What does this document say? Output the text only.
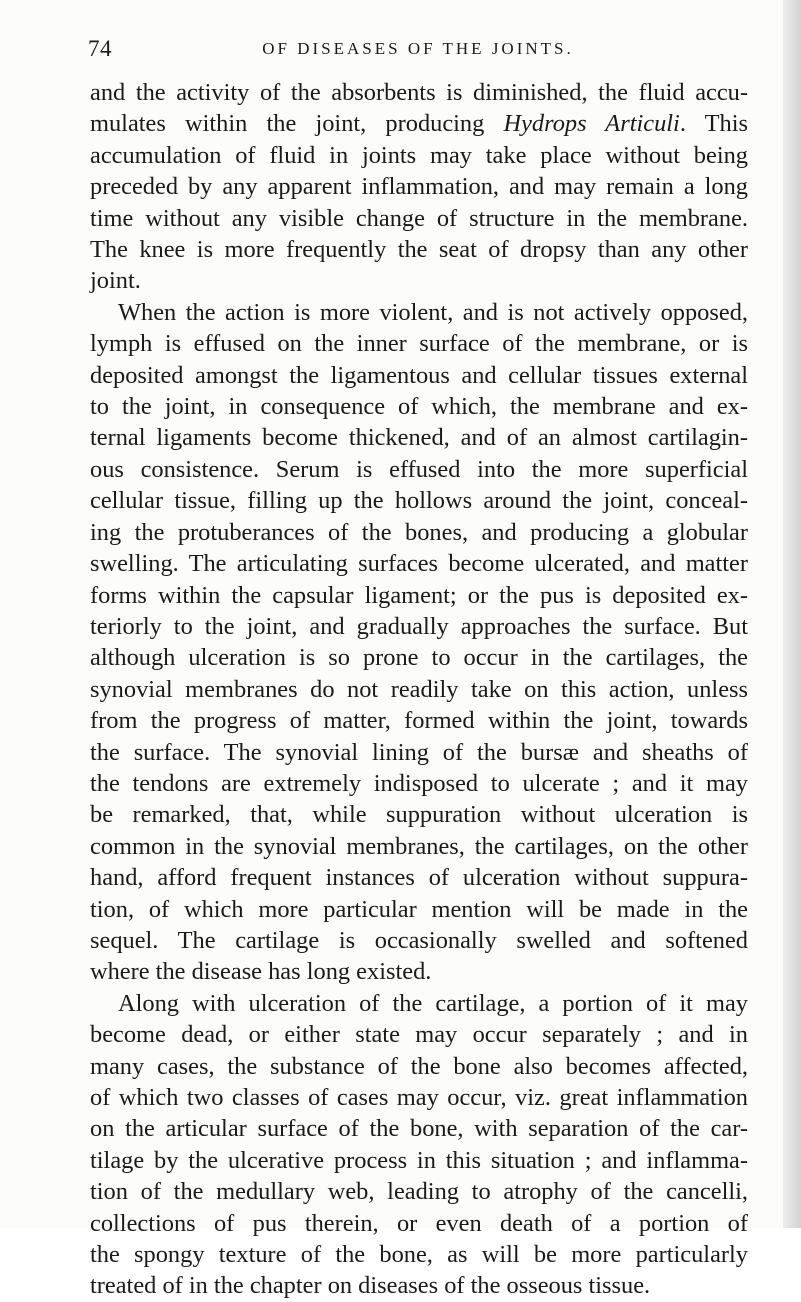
74	OF DISEASES OF THE JOINTS.
and the activity of the absorbents is diminished, the fluid accu-
mulates within the joint, producing Hydrops Articuli. This
accumulation of fluid in joints may take place without being
preceded by any apparent inflammation, and may remain a long
time without any visible change of structure in the membrane.
The knee is more frequently the seat of dropsy than any other
joint.
When the action is more violent, and is not actively opposed,
lymph is effused on the inner surface of the membrane, or is
deposited amongst the ligamentous and cellular tissues external
to the joint, in consequence of which, the membrane and ex-
ternal ligaments become thickened, and of an almost cartilagin-
ous consistence. Serum is effused into the more superficial
cellular tissue, filling up the hollows around the joint, conceal-
ing the protuberances of the bones, and producing a globular
swelling. The articulating surfaces become ulcerated, and matter
forms within the capsular ligament; or the pus is deposited ex-
teriorly to the joint, and gradually approaches the surface. But
although ulceration is so prone to occur in the cartilages, the
synovial membranes do not readily take on this action, unless
from the progress of matter, formed within the joint, towards
the surface. The synovial lining of the bursæ and sheaths of
the tendons are extremely indisposed to ulcerate ; and it may
be remarked, that, while suppuration without ulceration is
common in the synovial membranes, the cartilages, on the other
hand, afford frequent instances of ulceration without suppura-
tion, of which more particular mention will be made in the
sequel. The cartilage is occasionally swelled and softened
where the disease has long existed.
Along with ulceration of the cartilage, a portion of it may
become dead, or either state may occur separately ; and in
many cases, the substance of the bone also becomes affected,
of which two classes of cases may occur, viz. great inflammation
on the articular surface of the bone, with separation of the car-
tilage by the ulcerative process in this situation ; and inflamma-
tion of the medullary web, leading to atrophy of the cancelli,
collections of pus therein, or even death of a portion of
the spongy texture of the bone, as will be more particularly
treated of in the chapter on diseases of the osseous tissue.
